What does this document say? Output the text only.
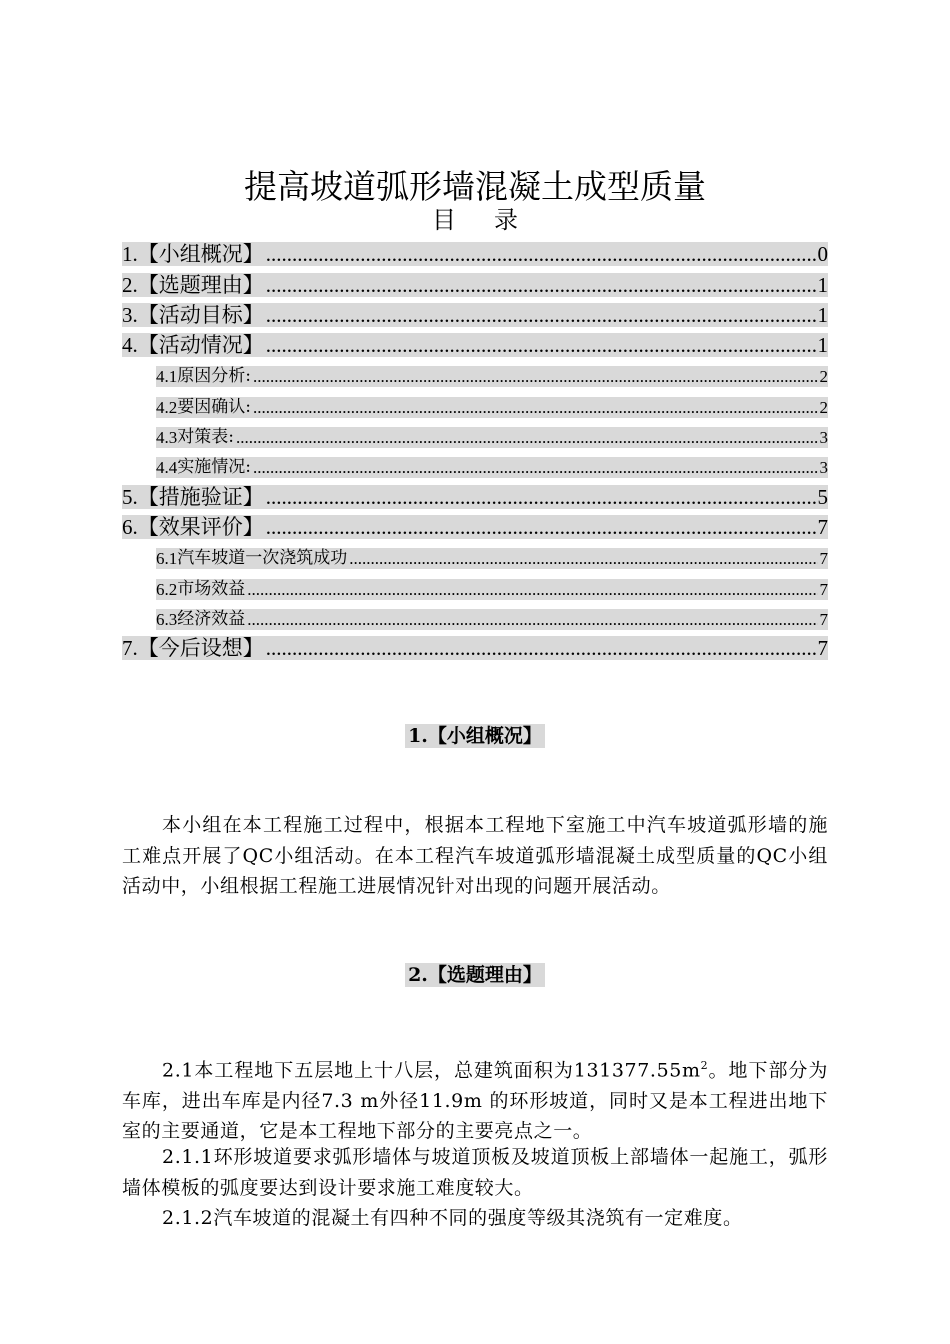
提高坡道弧形墙混凝土成型质量
目录
1. 【小组概况】 .....	0
2. 【选题理由】 .....	1
3. 【活动目标】 .....	1
4. 【活动情况】 .....	1
4.1 原因分析: .....	2
4.2 要因确认: .....	2
4.3 对策表: .....	3
4.4 实施情况: .....	3
5. 【措施验证】 .....	5
6. 【效果评价】 .....	7
6.1 汽车坡道一次浇筑成功 .....	7
6.2 市场效益 .....	7
6.3 经济效益 .....	7
7. 【今后设想】 .....	7
1.【小组概况】
本小组在本工程施工过程中，根据本工程地下室施工中汽车坡道弧形墙的施工难点开展了QC小组活动。在本工程汽车坡道弧形墙混凝土成型质量的QC小组活动中，小组根据工程施工进展情况针对出现的问题开展活动。
2.【选题理由】
2.1本工程地下五层地上十八层，总建筑面积为$131377.55m^2$。地下部分为车库，进出车库是内径7.3 m外径11.9m 的环形坡道，同时又是本工程进出地下室的主要通道，它是本工程地下部分的主要亮点之一。
2.1.1环形坡道要求弧形墙体与坡道顶板及坡道顶板上部墙体一起施工，弧形墙体模板的弧度要达到设计要求施工难度较大。
2.1.2汽车坡道的混凝土有四种不同的强度等级其浇筑有一定难度。
